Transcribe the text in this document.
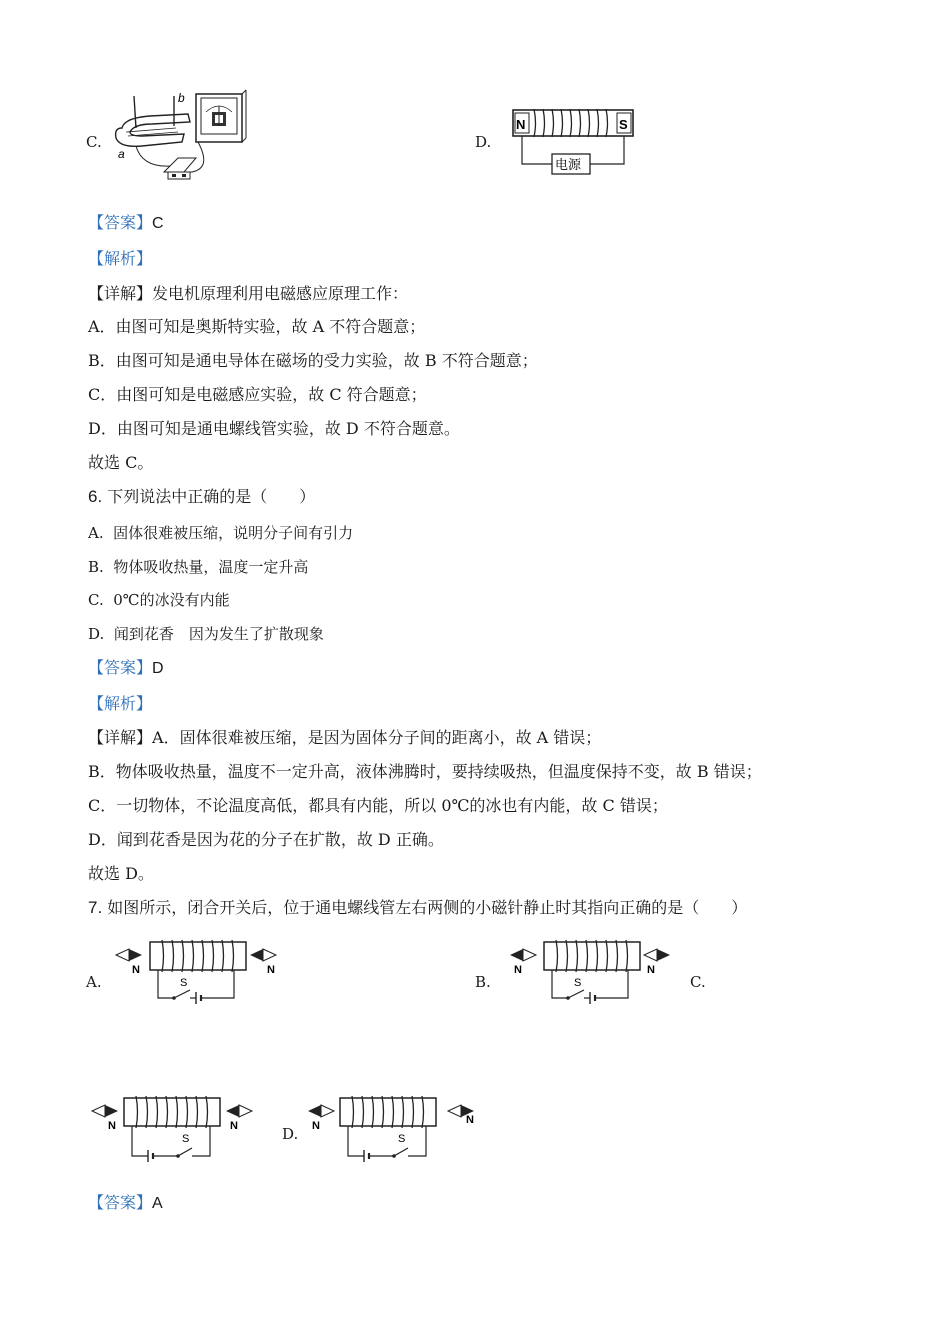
C.
b
a
D.
N	S
电源
【答案】C
【解析】
【详解】发电机原理利用电磁感应原理工作：
A．由图可知是奥斯特实验，故 A 不符合题意；
B．由图可知是通电导体在磁场的受力实验，故 B 不符合题意；
C．由图可知是电磁感应实验，故 C 符合题意；
D．由图可知是通电螺线管实验，故 D 不符合题意。
故选 C。
6. 下列说法中正确的是（　　）
A. 固体很难被压缩，说明分子间有引力
B. 物体吸收热量，温度一定升高
C. 0℃的冰没有内能
D. 闻到花香　因为发生了扩散现象
【答案】D
【解析】
【详解】A．固体很难被压缩，是因为固体分子间的距离小，故 A 错误；
B．物体吸收热量，温度不一定升高，液体沸腾时，要持续吸热，但温度保持不变，故 B 错误；
C．一切物体，不论温度高低，都具有内能，所以 0℃的冰也有内能，故 C 错误；
D．闻到花香是因为花的分子在扩散，故 D 正确。
故选 D。
7. 如图所示，闭合开关后，位于通电螺线管左右两侧的小磁针静止时其指向正确的是（　　）
A.
N	N
S	B.
N	N
S	C.
N	N
S	D. N	N
S
【答案】A
